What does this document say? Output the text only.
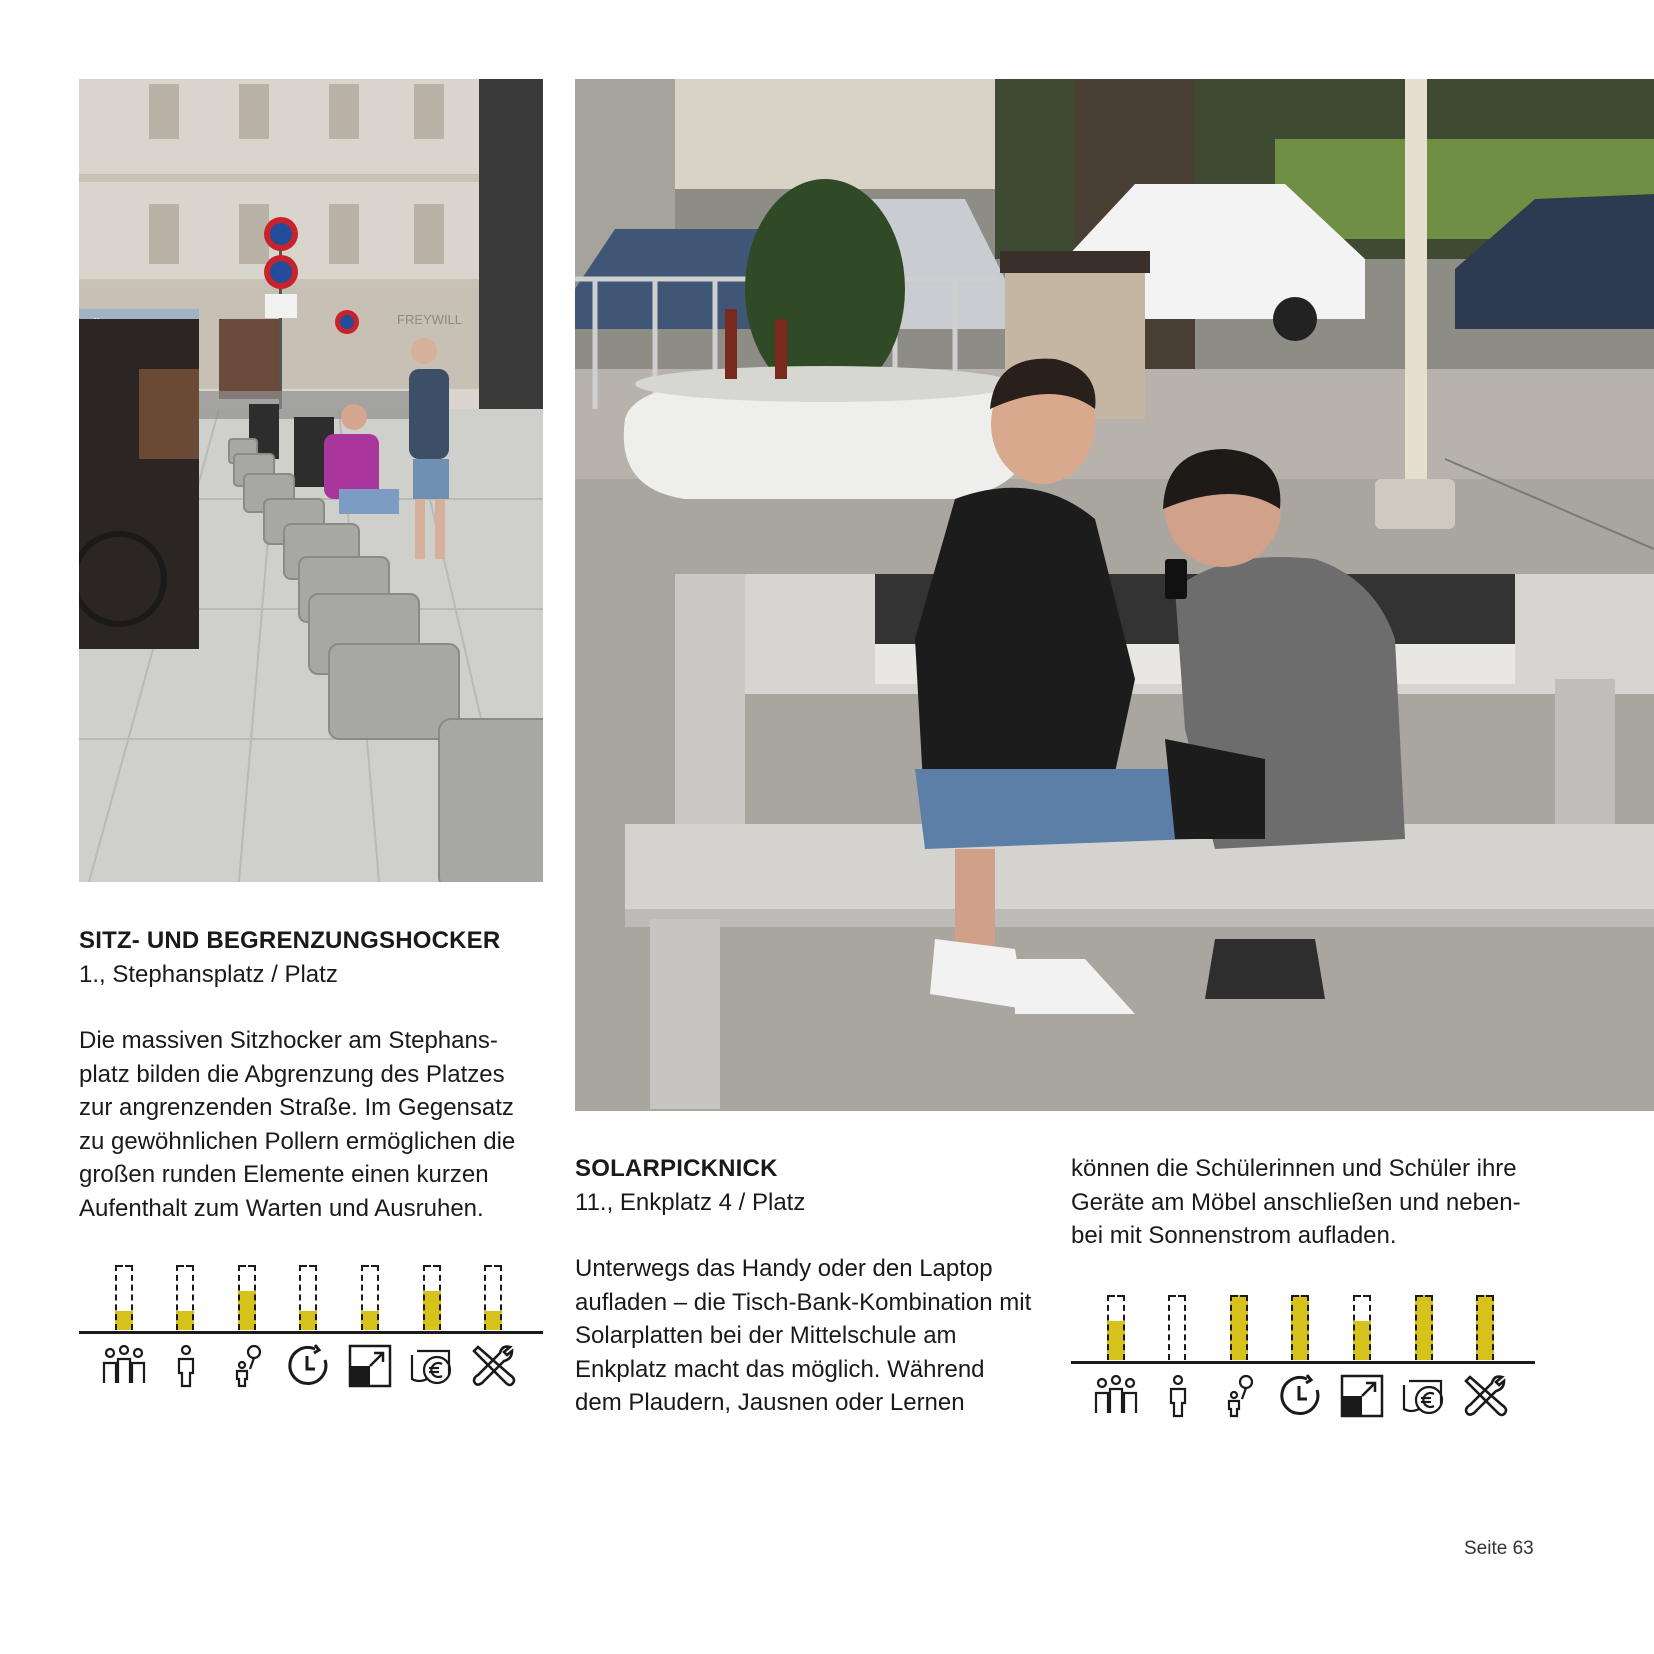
FREYWILL
SITZ- UND BEGRENZUNGSHOCKER
1., Stephansplatz / Platz
Die massiven Sitzhocker am Stephans-
platz bilden die Abgrenzung des Platzes
zur angrenzenden Straße. Im Gegensatz
zu gewöhnlichen Pollern ermöglichen die
großen runden Elemente einen kurzen
Aufenthalt zum Warten und Ausruhen.
SOLARPICKNICK
11., Enkplatz 4 / Platz
Unterwegs das Handy oder den Laptop
aufladen – die Tisch-Bank-Kombination mit
Solarplatten bei der Mittelschule am
Enkplatz macht das möglich. Während
dem Plaudern, Jausnen oder Lernen
können die Schülerinnen und Schüler ihre
Geräte am Möbel anschließen und neben-
bei mit Sonnenstrom aufladen.
Seite 63
